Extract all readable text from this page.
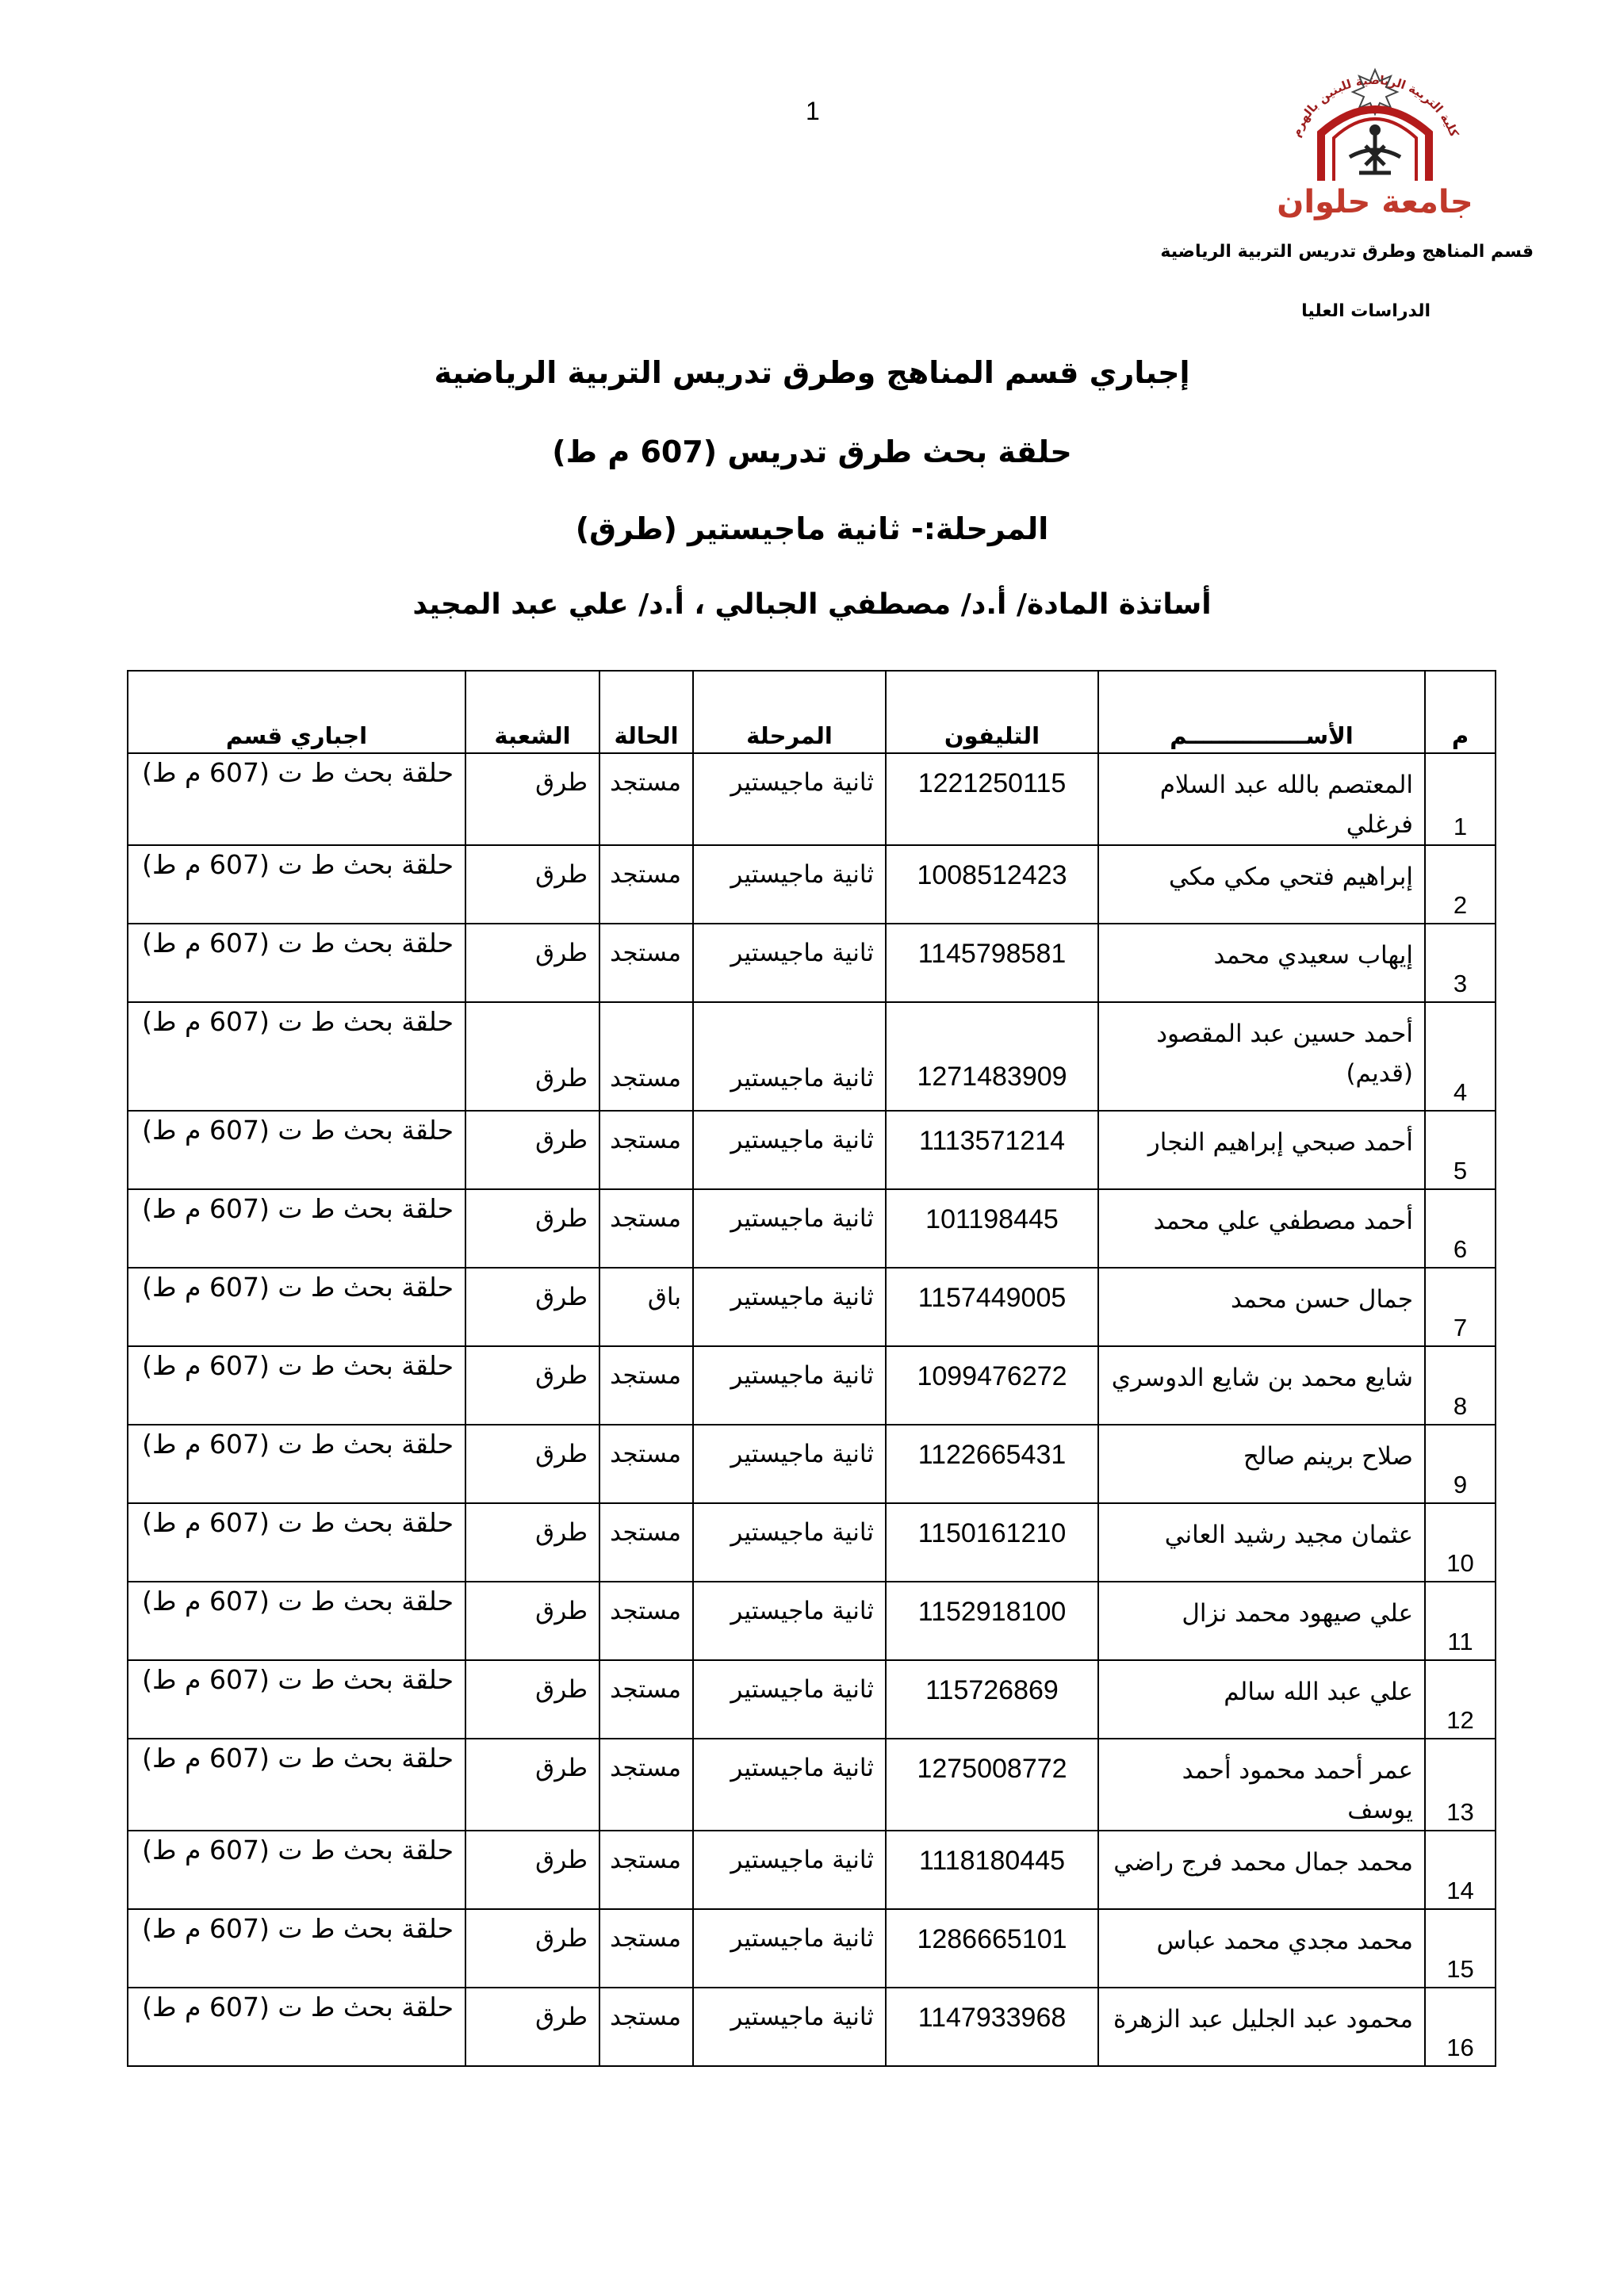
1
كلية التربية الرياضية للبنين بالهرم
جامعة حلوان
قسم المناهج وطرق تدريس التربية الرياضية
الدراسات العليا
إجباري قسم المناهج وطرق تدريس التربية الرياضية
حلقة بحث طرق تدريس (607 م ط)
المرحلة:- ثانية ماجيستير (طرق)
أساتذة المادة/ أ.د/ مصطفي الجبالي ، أ.د/ علي عبد المجيد
م	الأســـــــــــــــم	التليفون	المرحلة	الحالة	الشعبة	اجباري قسم
1	المعتصم بالله عبد السلام فرغلي	1221250115	ثانية ماجيستير	مستجد	طرق	حلقة بحث ط ت (607 م ط)
2	إبراهيم فتحي مكي مكي	1008512423	ثانية ماجيستير	مستجد	طرق	حلقة بحث ط ت (607 م ط)
3	إيهاب سعيدي محمد	1145798581	ثانية ماجيستير	مستجد	طرق	حلقة بحث ط ت (607 م ط)
4	أحمد حسين عبد المقصود (قديم)	1271483909	ثانية ماجيستير	مستجد	طرق	حلقة بحث ط ت (607 م ط)
5	أحمد صبحي إبراهيم النجار	1113571214	ثانية ماجيستير	مستجد	طرق	حلقة بحث ط ت (607 م ط)
6	أحمد مصطفي علي محمد	101198445	ثانية ماجيستير	مستجد	طرق	حلقة بحث ط ت (607 م ط)
7	جمال حسن محمد	1157449005	ثانية ماجيستير	باق	طرق	حلقة بحث ط ت (607 م ط)
8	شايع محمد بن شايع الدوسري	1099476272	ثانية ماجيستير	مستجد	طرق	حلقة بحث ط ت (607 م ط)
9	صلاح برينم صالح	1122665431	ثانية ماجيستير	مستجد	طرق	حلقة بحث ط ت (607 م ط)
10	عثمان مجيد رشيد العاني	1150161210	ثانية ماجيستير	مستجد	طرق	حلقة بحث ط ت (607 م ط)
11	علي صيهود محمد نزال	1152918100	ثانية ماجيستير	مستجد	طرق	حلقة بحث ط ت (607 م ط)
12	علي عبد الله سالم	115726869	ثانية ماجيستير	مستجد	طرق	حلقة بحث ط ت (607 م ط)
13	عمر أحمد محمود أحمد يوسف	1275008772	ثانية ماجيستير	مستجد	طرق	حلقة بحث ط ت (607 م ط)
14	محمد جمال محمد فرج راضي	1118180445	ثانية ماجيستير	مستجد	طرق	حلقة بحث ط ت (607 م ط)
15	محمد مجدي محمد عباس	1286665101	ثانية ماجيستير	مستجد	طرق	حلقة بحث ط ت (607 م ط)
16	محمود عبد الجليل عبد الزهرة	1147933968	ثانية ماجيستير	مستجد	طرق	حلقة بحث ط ت (607 م ط)
